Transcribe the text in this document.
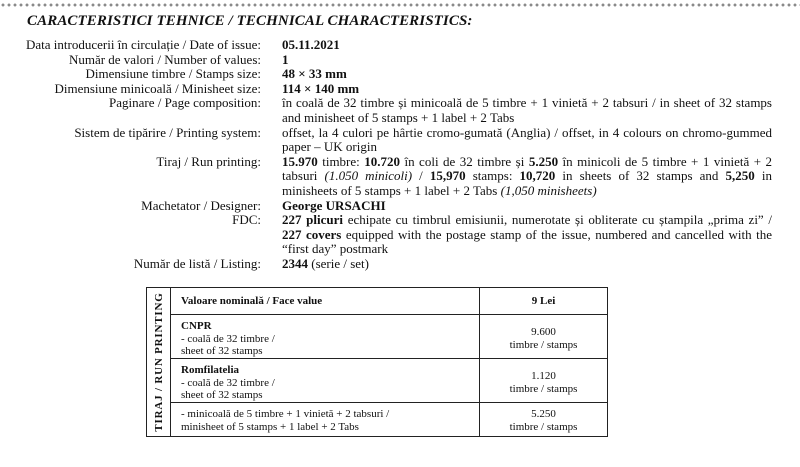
CARACTERISTICI TEHNICE / TECHNICAL CHARACTERISTICS:
Data introducerii în circulație / Date of issue: 05.11.2021
Număr de valori / Number of values: 1
Dimensiune timbre / Stamps size: 48 × 33 mm
Dimensiune minicoală / Minisheet size: 114 × 140 mm
Paginare / Page composition: în coală de 32 timbre și minicoală de 5 timbre + 1 vinietă + 2 tabsuri / in sheet of 32 stamps and minisheet of 5 stamps + 1 label + 2 Tabs
Sistem de tipărire / Printing system: offset, la 4 culori pe hârtie cromo-gumată (Anglia) / offset, in 4 colours on chromo-gummed paper – UK origin
Tiraj / Run printing: 15.970 timbre: 10.720 în coli de 32 timbre și 5.250 în minicoli de 5 timbre + 1 vinietă + 2 tabsuri (1.050 minicoli) / 15,970 stamps: 10,720 in sheets of 32 stamps and 5,250 in minisheets of 5 stamps + 1 label + 2 Tabs (1,050 minisheets)
Machetator / Designer: George URSACHI
FDC: 227 plicuri echipate cu timbrul emisiunii, numerotate și obliterate cu ștampila „prima zi” / 227 covers equipped with the postage stamp of the issue, numbered and cancelled with the “first day” postmark
Număr de listă / Listing: 2344 (serie / set)
TIRAJ / RUN PRINTING	Valoare nominală / Face value	9 Lei
CNPR
- coală de 32 timbre /
sheet of 32 stamps
9.600
timbre / stamps
Romfilatelia
- coală de 32 timbre /
sheet of 32 stamps
1.120
timbre / stamps
- minicoală de 5 timbre + 1 vinietă + 2 tabsuri /
minisheet of 5 stamps + 1 label + 2 Tabs
5.250
timbre / stamps
